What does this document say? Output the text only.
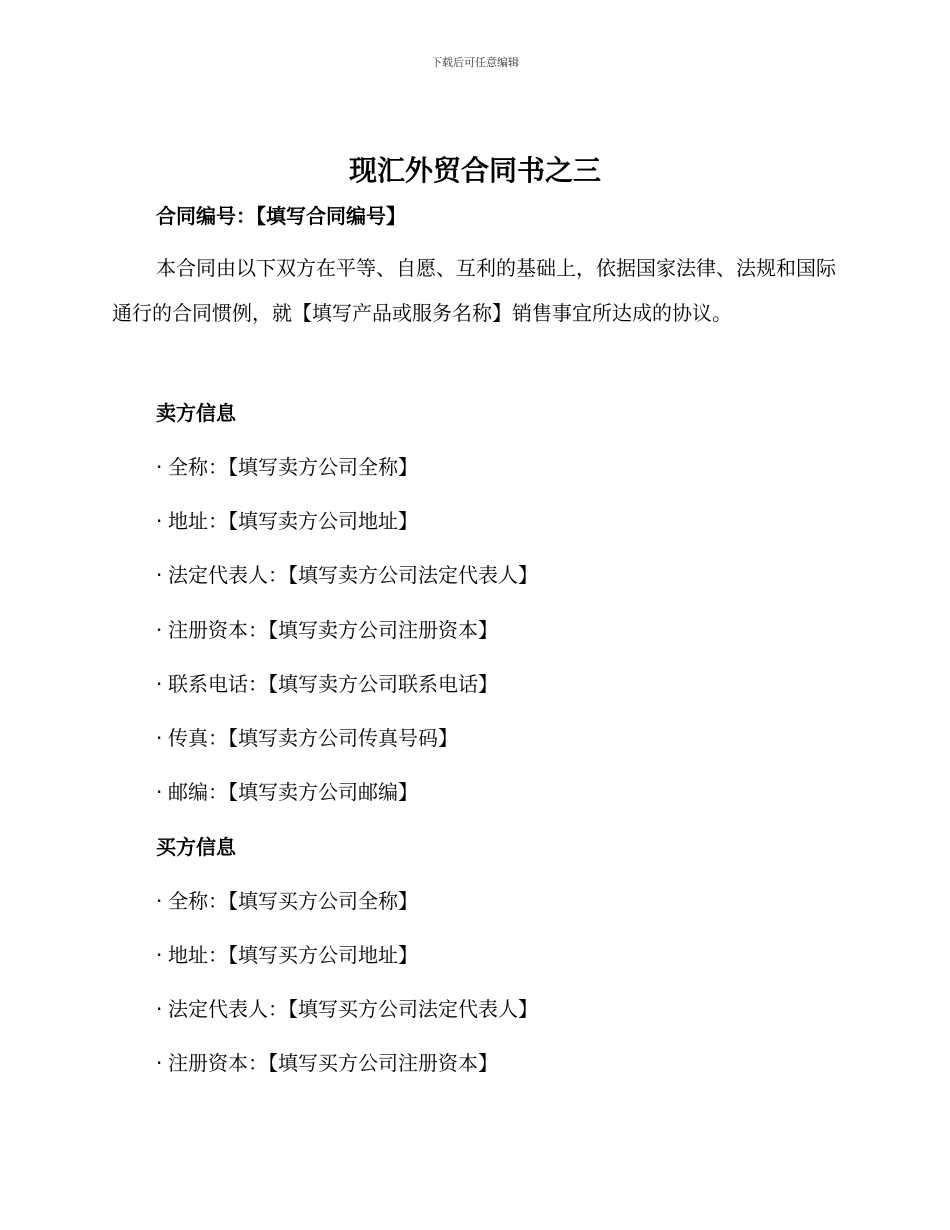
下载后可任意编辑
现汇外贸合同书之三
合同编号：【填写合同编号】
本合同由以下双方在平等、自愿、互利的基础上，依据国家法律、法规和国际通行的合同惯例，就【填写产品或服务名称】销售事宜所达成的协议。
卖方信息
· 全称：【填写卖方公司全称】
· 地址：【填写卖方公司地址】
· 法定代表人：【填写卖方公司法定代表人】
· 注册资本：【填写卖方公司注册资本】
· 联系电话：【填写卖方公司联系电话】
· 传真：【填写卖方公司传真号码】
· 邮编：【填写卖方公司邮编】
买方信息
· 全称：【填写买方公司全称】
· 地址：【填写买方公司地址】
· 法定代表人：【填写买方公司法定代表人】
· 注册资本：【填写买方公司注册资本】
